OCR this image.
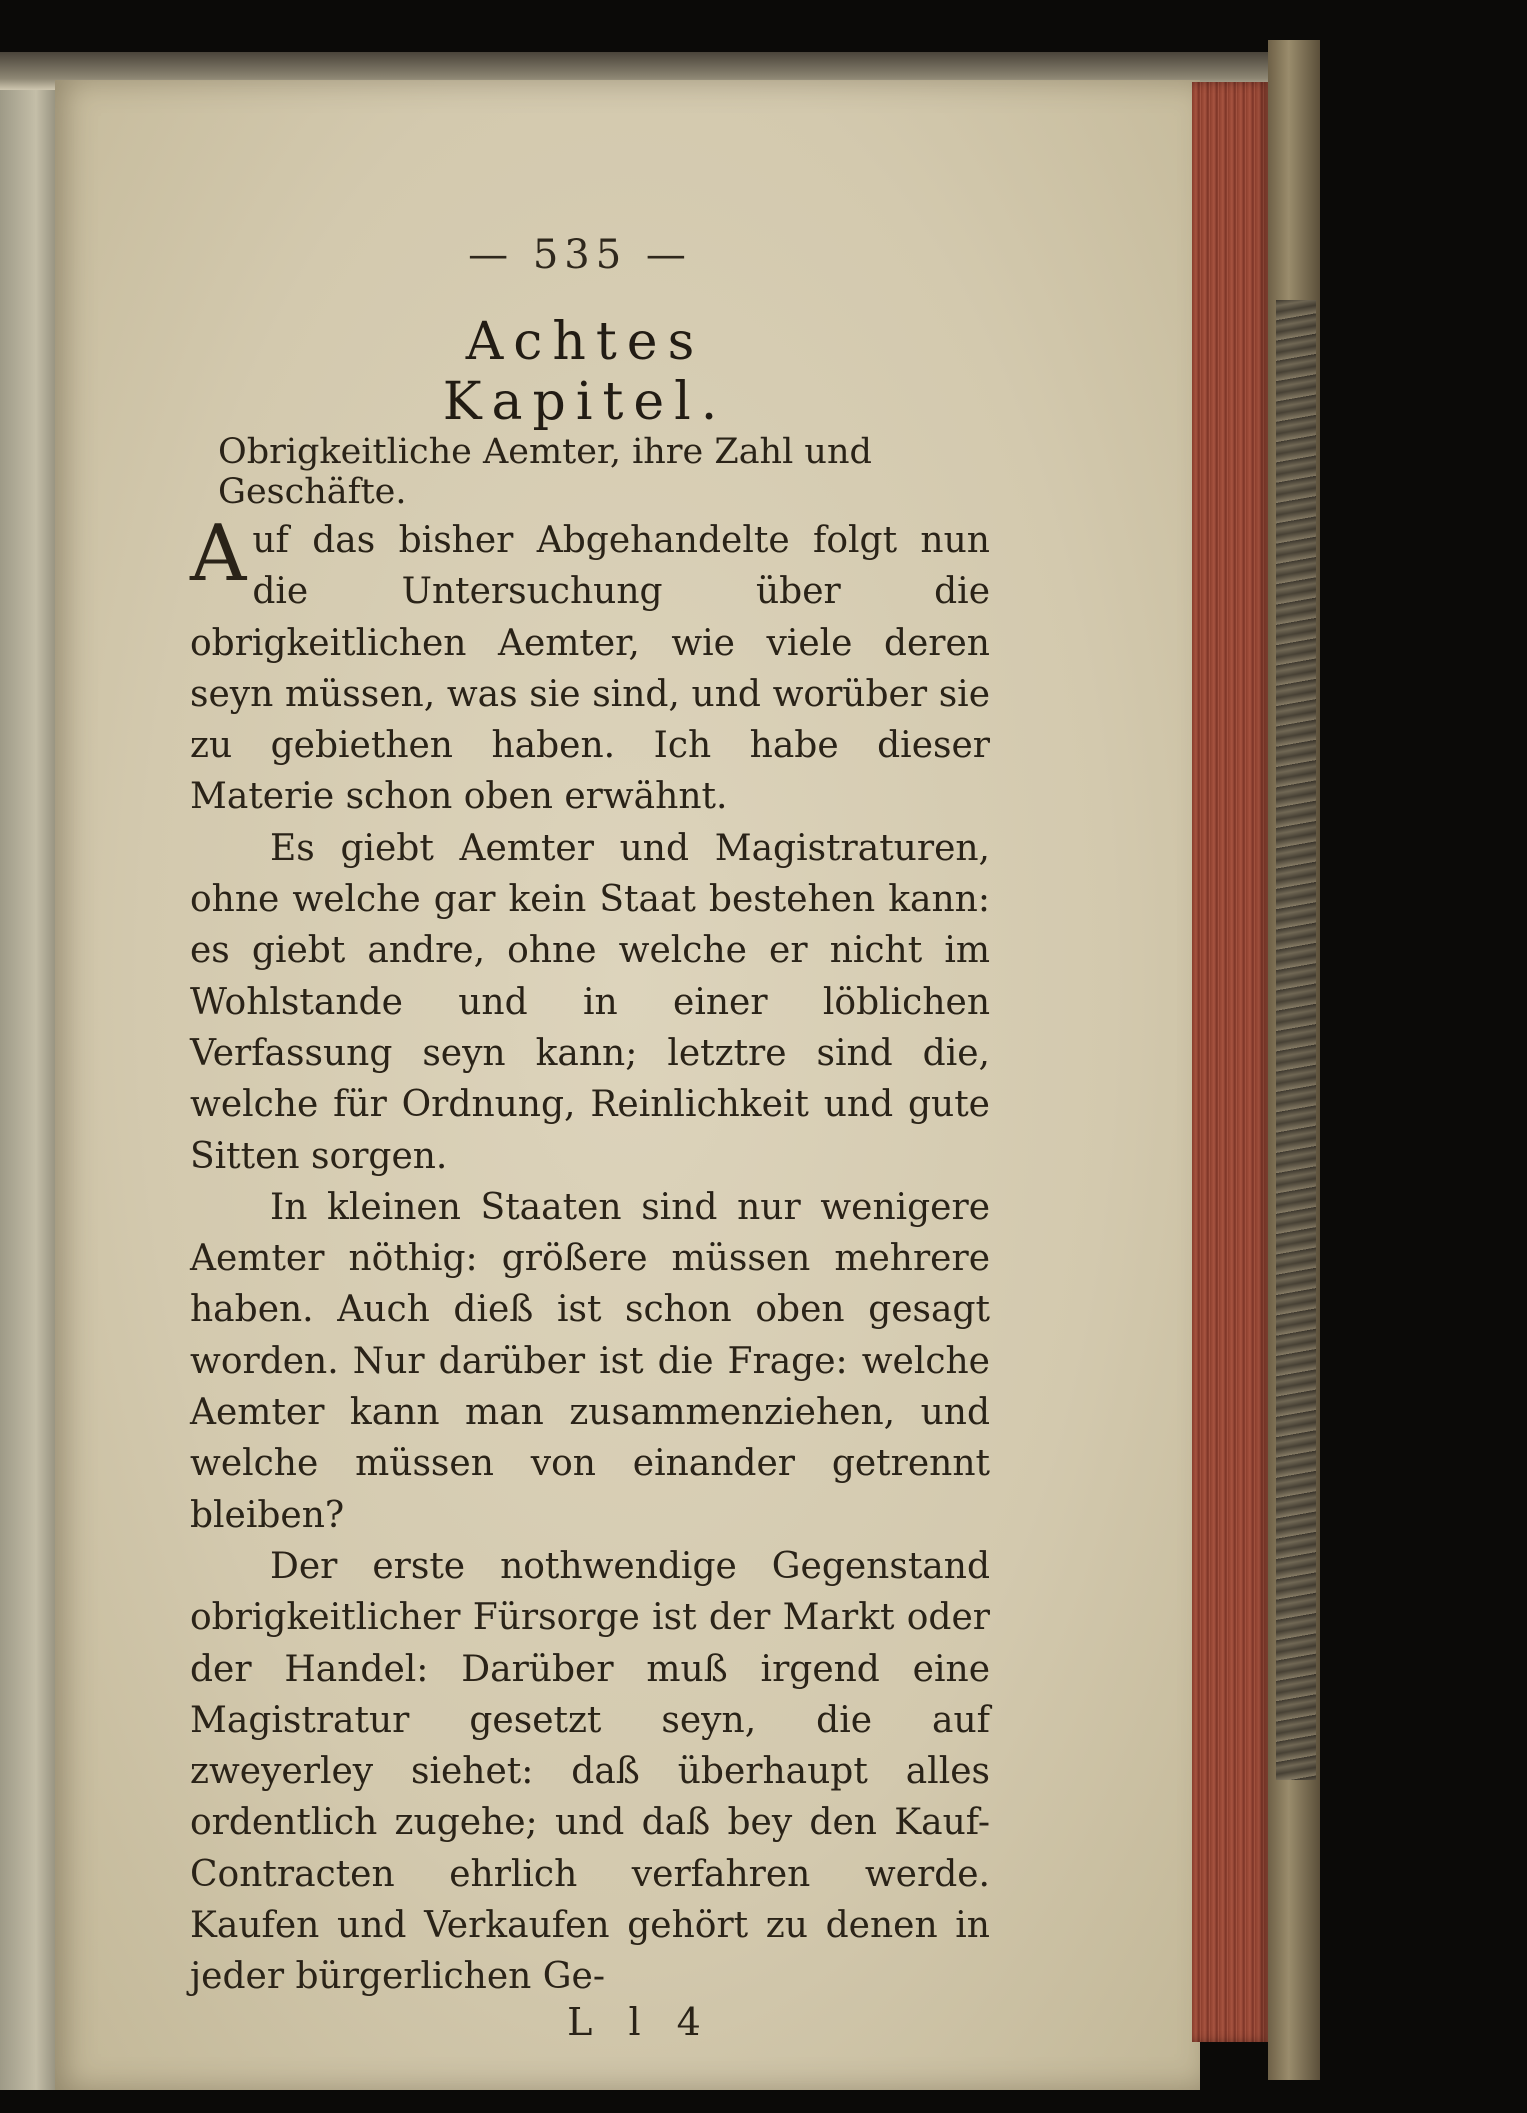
— 535 —
Achtes Kapitel.
Obrigkeitliche Aemter, ihre Zahl und Geschäfte.

Auf das bisher Abgehandelte folgt nun die Untersuchung über die obrigkeitlichen Aemter, wie viele deren seyn müssen, was sie sind, und worüber sie zu gebiethen haben. Ich habe dieser Materie schon oben erwähnt.

Es giebt Aemter und Magistraturen, ohne welche gar kein Staat bestehen kann: es giebt andre, ohne welche er nicht im Wohlstande und in einer löblichen Verfassung seyn kann; letztre sind die, welche für Ordnung, Reinlichkeit und gute Sitten sorgen.

In kleinen Staaten sind nur wenigere Aemter nöthig: größere müssen mehrere haben. Auch dieß ist schon oben gesagt worden. Nur darüber ist die Frage: welche Aemter kann man zusammenziehen, und welche müssen von einander getrennt bleiben?

Der erste nothwendige Gegenstand obrigkeitlicher Fürsorge ist der Markt oder der Handel: Darüber muß irgend eine Magistratur gesetzt seyn, die auf zweyerley siehet: daß überhaupt alles ordentlich zugehe; und daß bey den Kauf-Contracten ehrlich verfahren werde. Kaufen und Verkaufen gehört zu denen in jeder bürgerlichen Ge-

L l 4
